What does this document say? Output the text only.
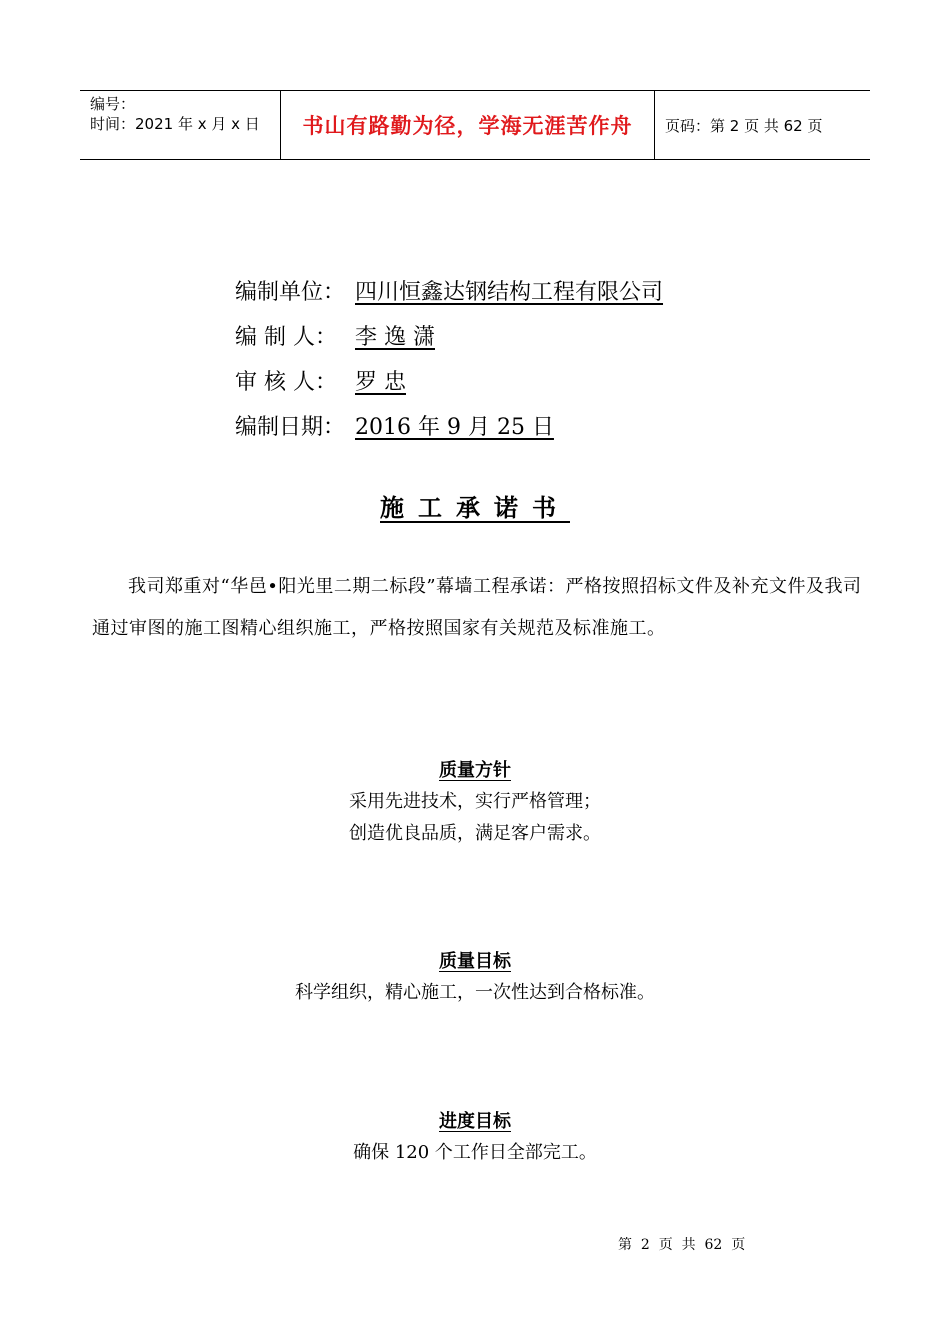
编号：
时间：2021 年 x 月 x 日 书山有路勤为径，学海无涯苦作舟 页码：第 2 页 共 62 页
编制单位： 四川恒鑫达钢结构工程有限公司
编 制 人： 李 逸 潇
审 核 人： 罗 忠
编制日期： 2016 年 9 月 25 日
施工承诺书
我司郑重对“华邑•阳光里二期二标段”幕墙工程承诺：严格按照招标文件及补充文件及我司通过审图的施工图精心组织施工，严格按照国家有关规范及标准施工。
质量方针
采用先进技术，实行严格管理；
创造优良品质，满足客户需求。
质量目标
科学组织，精心施工，一次性达到合格标准。
进度目标
确保 120 个工作日全部完工。
第  2  页  共  62  页
